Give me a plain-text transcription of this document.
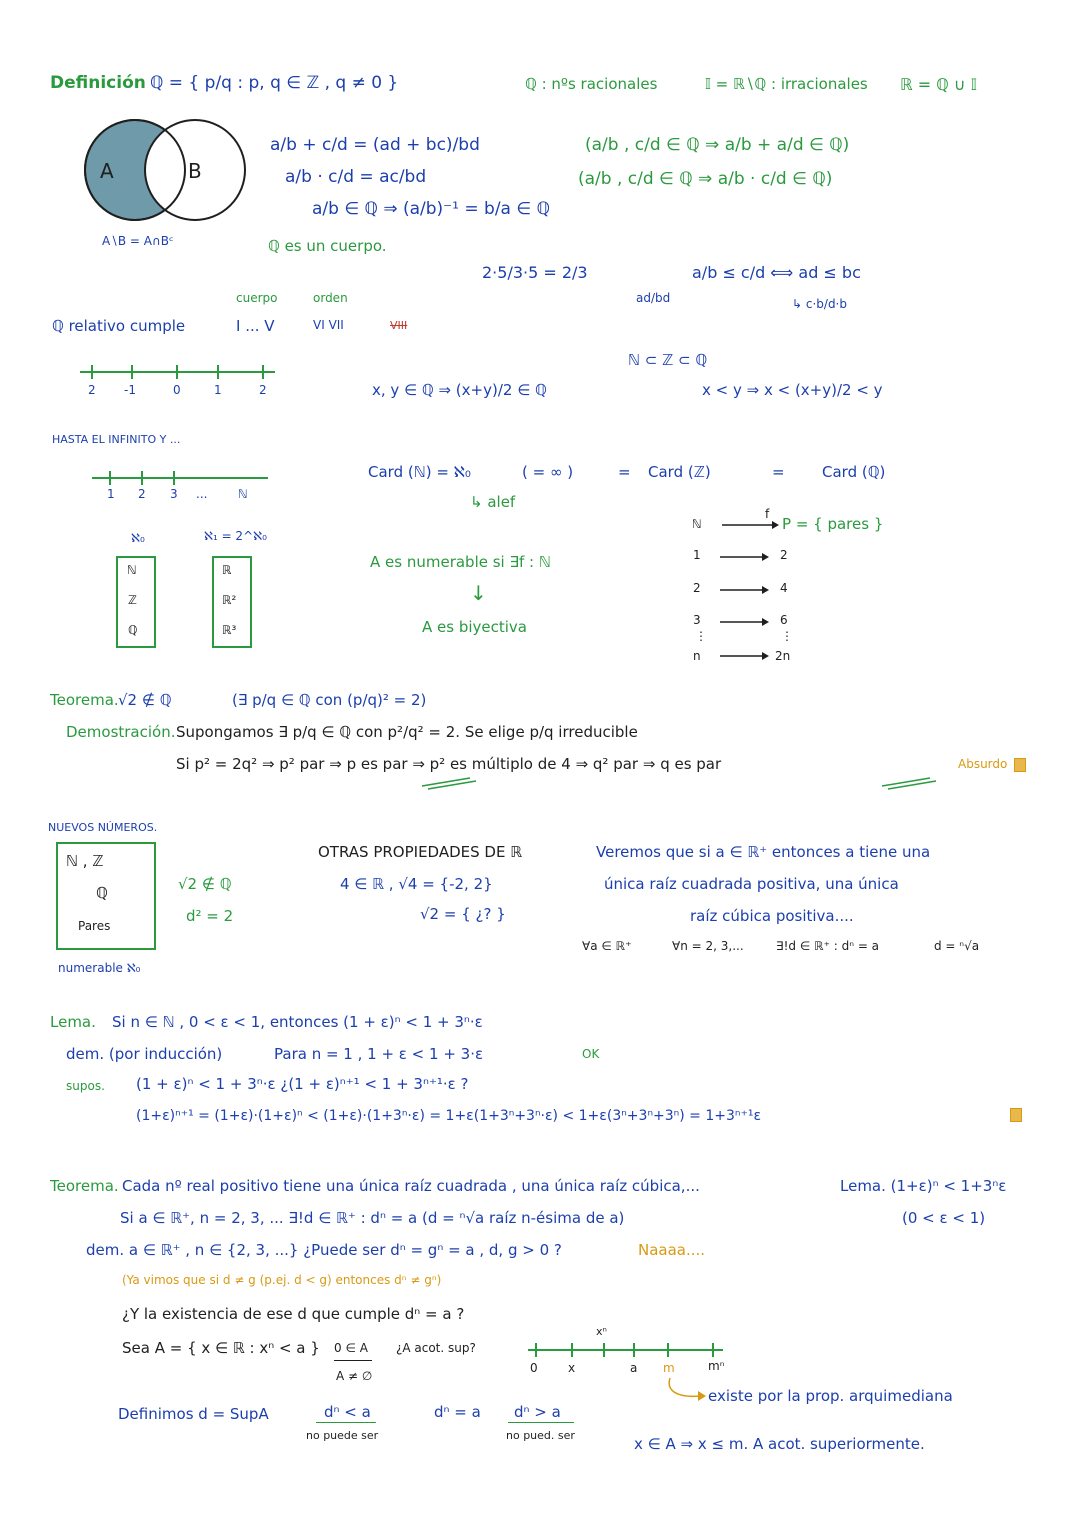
Definición ℚ = { p/q : p, q ∈ ℤ , q ≠ 0 }	ℚ : nºs racionales	𝕀 = ℝ∖ℚ : irracionales ℝ = ℚ ∪ 𝕀
A	B
A∖B = A∩Bᶜ
a/b + c/d = (ad + bc)/bd
a/b · c/d = ac/bd
a/b ∈ ℚ ⇒ (a/b)⁻¹ = b/a ∈ ℚ
(a/b , c/d ∈ ℚ ⇒ a/b + a/d ∈ ℚ)
(a/b , c/d ∈ ℚ ⇒ a/b · c/d ∈ ℚ)
ℚ es un cuerpo.
2·5/3·5 = 2/3	a/b ≤ c/d ⟺ ad ≤ bc
ad/bd	↳ c·b/d·b
ℚ relativo cumple
cuerpo
I ... V
orden
VI VII	VIII
2 -1	0	1	2
ℕ ⊂ ℤ ⊂ ℚ
x, y ∈ ℚ ⇒ (x+y)/2 ∈ ℚ	x < y ⇒ x < (x+y)/2 < y
HASTA EL INFINITO Y ...
1 2 3 ...	ℕ
ℵ₀	ℵ₁ = 2^ℵ₀
ℕ
ℤ
ℚ
ℝ
ℝ²
ℝ³
Card (ℕ) = ℵ₀	( = ∞ )	= Card (ℤ)	= Card (ℚ)
↳ alef
A es numerable si ∃f : ℕ
↓
A es biyectiva
ℕ
f
P = { pares }
1
2
3
⋮
n
2
4
6
⋮
2n
Teorema. √2 ∉ ℚ	(∃ p/q ∈ ℚ con (p/q)² = 2)
Demostración. Supongamos ∃ p/q ∈ ℚ con p²/q² = 2. Se elige p/q irreducible
Si p² = 2q² ⇒ p² par ⇒ p es par ⇒ p² es múltiplo de 4 ⇒ q² par ⇒ q es par	Absurdo
NUEVOS NÚMEROS.
ℕ , ℤ
ℚ
Pares
numerable ℵ₀
√2 ∉ ℚ
d² = 2
OTRAS PROPIEDADES DE ℝ
4 ∈ ℝ , √4 = {-2, 2}
√2 = { ¿? }
Veremos que si a ∈ ℝ⁺ entonces a tiene una
única raíz cuadrada positiva, una única
raíz cúbica positiva....
∀a ∈ ℝ⁺	∀n = 2, 3,...	∃!d ∈ ℝ⁺ : dⁿ = a	d = ⁿ√a
Lema. Si n ∈ ℕ , 0 < ε < 1, entonces (1 + ε)ⁿ < 1 + 3ⁿ·ε
dem. (por inducción)	Para n = 1 , 1 + ε < 1 + 3·ε	OK
supos. (1 + ε)ⁿ < 1 + 3ⁿ·ε ¿(1 + ε)ⁿ⁺¹ < 1 + 3ⁿ⁺¹·ε ?
(1+ε)ⁿ⁺¹ = (1+ε)·(1+ε)ⁿ < (1+ε)·(1+3ⁿ·ε) = 1+ε(1+3ⁿ+3ⁿ·ε) < 1+ε(3ⁿ+3ⁿ+3ⁿ) = 1+3ⁿ⁺¹ε
Teorema. Cada nº real positivo tiene una única raíz cuadrada , una única raíz cúbica,...
Si a ∈ ℝ⁺, n = 2, 3, ... ∃!d ∈ ℝ⁺ : dⁿ = a (d = ⁿ√a raíz n-ésima de a)
Lema. (1+ε)ⁿ < 1+3ⁿε
(0 < ε < 1)
dem. a ∈ ℝ⁺ , n ∈ {2, 3, ...} ¿Puede ser dⁿ = gⁿ = a , d, g > 0 ?	Naaaa....
(Ya vimos que si d ≠ g (p.ej. d < g) entonces dⁿ ≠ gⁿ)
¿Y la existencia de ese d que cumple dⁿ = a ?
Sea A = { x ∈ ℝ : xⁿ < a } 0 ∈ A
A ≠ ∅
¿A acot. sup?
Definimos d = SupA	dⁿ < a
no puede ser
dⁿ = a dⁿ > a
no pued. ser
xⁿ
0	x	a m	mⁿ
existe por la prop. arquimediana
x ∈ A ⇒ x ≤ m. A acot. superiormente.
